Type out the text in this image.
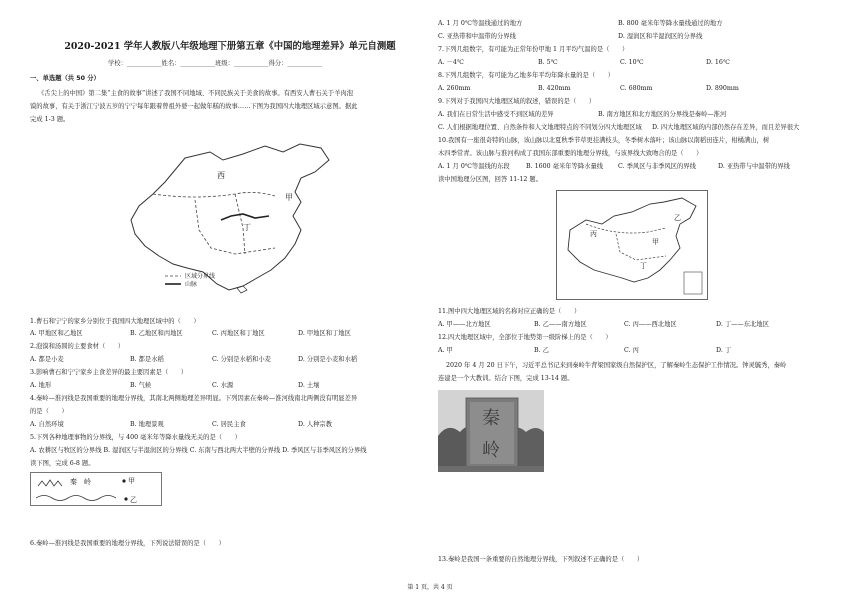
2020-2021 学年人教版八年级地理下册第五章《中国的地理差异》单元自测题
学校：___________姓名：___________班级：___________得分：___________
一、单选题（共 50 分）
《舌尖上的中国》第二集“主食的故事”讲述了我国不同地域、不同民族关于美食的故事。有西安人曹石关于羊肉泡
馍的故事，有关于浙江宁波五岁的宁宁每年跟着曾祖外婆一起做年糕的故事……下图为我国四大地理区域示意图。据此
完成 1-3 题。
西
甲
丁
区域分界线
山脉
1.曹石和宁宁的家乡分别位于我国四大地理区域中的（　　）
A. 甲地区和乙地区	B. 乙地区和丙地区	C. 丙地区和丁地区	D. 甲地区和丁地区
2.泡馍和汤圆的主要食材（　　）
A. 都是小麦	B. 都是水稻	C. 分别是水稻和小麦	D. 分别是小麦和水稻
3.影响曹石和宁宁家乡主食差异的最主要因素是（　　）
A. 地形	B. 气候	C. 水源	D. 土壤
4.秦岭—淮河线是我国重要的地理分界线，其南北两侧地理差异明显。下列因素在秦岭—淮河线南北两侧没有明显差异
的是（　　）
A. 自然环境	B. 地理景观	C. 居民主食	D. 人种宗教
5.下列各种地理事物的分界线，与 400 毫米年等降水量线无关的是（　　）
A. 农耕区与牧区的分界线 B. 湿润区与半湿润区的分界线 C. 东南与西北两大半壁的分界线 D. 季风区与非季风区的分界线
读下图，完成 6-8 题。
秦　岭	甲
乙
6.秦岭—淮河线是我国重要的地理分界线，下列说法错误的是（　　）
A. 1 月 0℃等温线通过的地方	B. 800 毫米年等降水量线通过的地方
C. 亚热带和中温带的分界线	D. 湿润区和半湿润区的分界线
7.下列几组数字，有可能为正常年份甲地 1 月平均气温的是（　　）
A. －4℃	B. 5℃	C. 10℃	D. 16℃
8.下列几组数字，有可能为乙地多年平均年降水量的是（　　）
A. 260mm	B. 420mm	C. 680mm	D. 890mm
9.下列对于我国四大地理区域的叙述，错误的是（　　）
A. 我们在日常生活中感受不到区域的差异	B. 南方地区和北方地区的分界线是秦岭—淮河
C. 人们根据地理位置、自然条件和人文地理特点的不同划分四大地理区域 D. 四大地理区域的内部仍然存在差异，而且差异很大
10.我国有一座很奇特的山脉，该山脉以北夏秋季节草更挂满枝头，冬季树木落叶；该山脉以南稻田连片，柑橘满山，树
木四季常青。该山脉与淮河构成了我国东部重要的地理分界线，与该界线大致吻合的是（　　）
A. 1 月 0℃等温线的东段	B. 1600 毫米年等降水量线 C. 季风区与非季风区的界线	D. 亚热带与中温带的界线
读中国地理分区图，回答 11-12 题。
丙
甲
乙
丁
11.图中四大地理区域的名称对应正确的是（　　）
A. 甲——北方地区	B. 乙——南方地区	C. 丙——西北地区	D. 丁——东北地区
12.四大地理区域中，全部位于地势第一级阶梯上的是（　　）
A. 甲	B. 乙	C. 丙	D. 丁
2020 年 4 月 20 日下午，习近平总书记来到秦岭牛背梁国家级自然保护区，了解秦岭生态保护工作情况。钟灵毓秀，秦岭
连建是一个大教训。结合下图，完成 13-14 题。
秦
岭
13.秦岭是我国一条重要的自然地理分界线，下列叙述不正确的是（　　）
第 1 页，共 4 页
